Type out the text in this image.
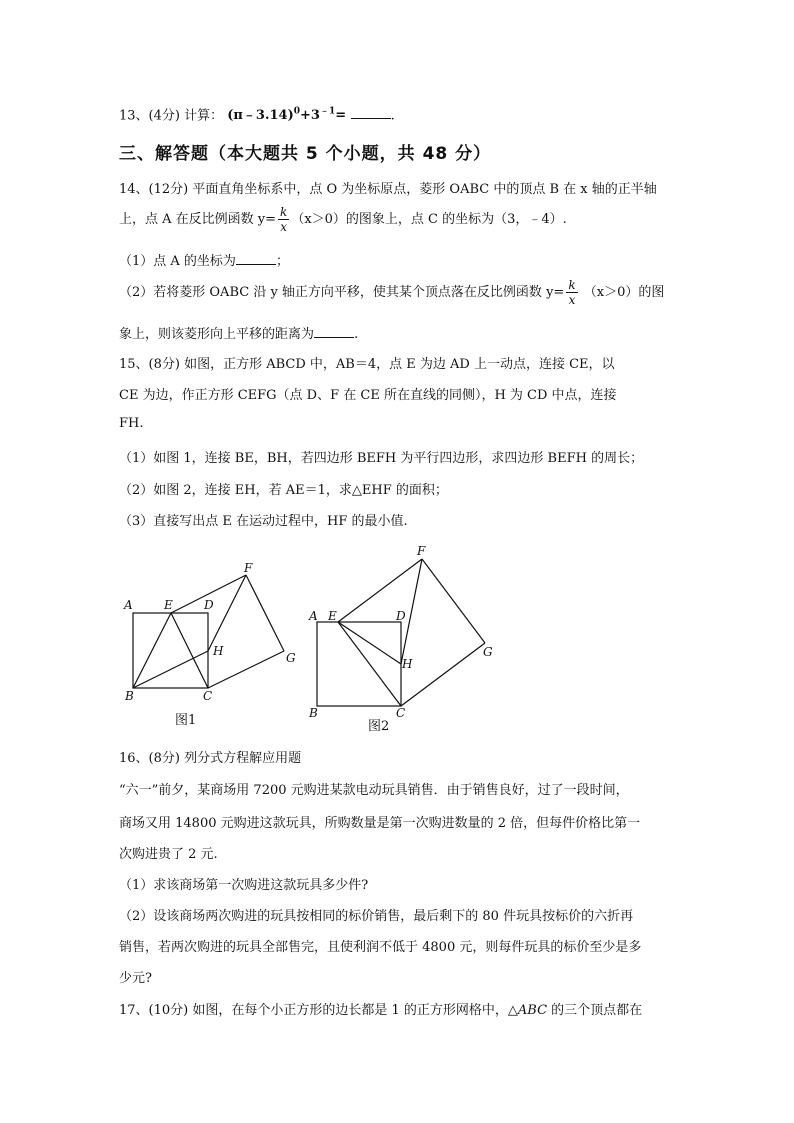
13、(4分) 计算： $(\pi﹣3.14)^0+3^{﹣1}=$	.
三、解答题（本大题共 5 个小题，共 48 分）
14、(12分) 平面直角坐标系中，点 O 为坐标原点，菱形 OABC 中的顶点 B 在 x 轴的正半轴
上，点 A 在反比例函数 $y= \frac{k}{x} (x>0)$的图象上，点 C 的坐标为（3，﹣4）.
（1）点 A 的坐标为	；
（2）若将菱形 OABC 沿 y 轴正方向平移，使其某个顶点落在反比例函数 $y= \frac{k}{x} (x>0)$的图
象上，则该菱形向上平移的距离为	.
15、(8分) 如图，正方形 ABCD 中，AB＝4，点 E 为边 AD 上一动点，连接 CE，以
CE 为边，作正方形 CEFG（点 D、F 在 CE 所在直线的同侧），H 为 CD 中点，连接
FH.
（1）如图 1，连接 BE，BH，若四边形 BEFH 为平行四边形，求四边形 BEFH 的周长；
（2）如图 2，连接 EH，若 AE＝1，求△EHF 的面积；
（3）直接写出点 E 在运动过程中，HF 的最小值.
A	E	D
F
H	G
B	C
图1
A E	D
F
H
G
B	C
图2
16、(8分) 列分式方程解应用题
“六一”前夕，某商场用 7200 元购进某款电动玩具销售．由于销售良好，过了一段时间，
商场又用 14800 元购进这款玩具，所购数量是第一次购进数量的 2 倍，但每件价格比第一
次购进贵了 2 元.
（1）求该商场第一次购进这款玩具多少件?
（2）设该商场两次购进的玩具按相同的标价销售，最后剩下的 80 件玩具按标价的六折再
销售，若两次购进的玩具全部售完，且使利润不低于 4800 元，则每件玩具的标价至少是多
少元?
17、(10分) 如图，在每个小正方形的边长都是 1 的正方形网格中，△ABC 的三个顶点都在
